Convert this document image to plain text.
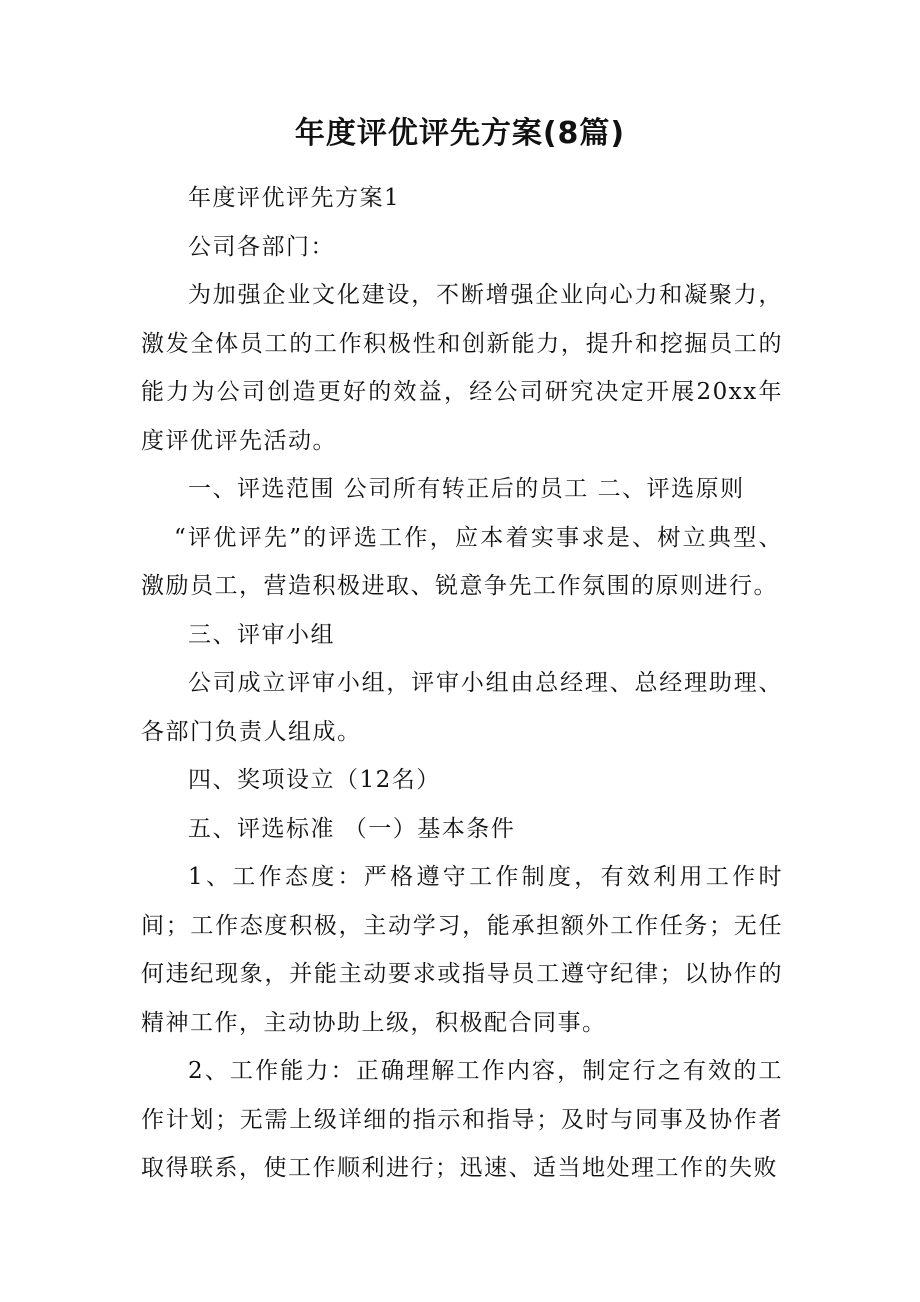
年度评优评先方案(8篇)

年度评优评先方案1

公司各部门：

为加强企业文化建设，不断增强企业向心力和凝聚力，激发全体员工的工作积极性和创新能力，提升和挖掘员工的能力为公司创造更好的效益，经公司研究决定开展20xx年度评优评先活动。

一、评选范围 公司所有转正后的员工 二、评选原则

“评优评先”的评选工作，应本着实事求是、树立典型、激励员工，营造积极进取、锐意争先工作氛围的原则进行。

三、评审小组

公司成立评审小组，评审小组由总经理、总经理助理、各部门负责人组成。

四、奖项设立（12名）

五、评选标准 （一）基本条件

1、工作态度：严格遵守工作制度，有效利用工作时间；工作态度积极，主动学习，能承担额外工作任务；无任何违纪现象，并能主动要求或指导员工遵守纪律；以协作的精神工作，主动协助上级，积极配合同事。

2、工作能力：正确理解工作内容，制定行之有效的工作计划；无需上级详细的指示和指导；及时与同事及协作者取得联系，使工作顺利进行；迅速、适当地处理工作的失败
